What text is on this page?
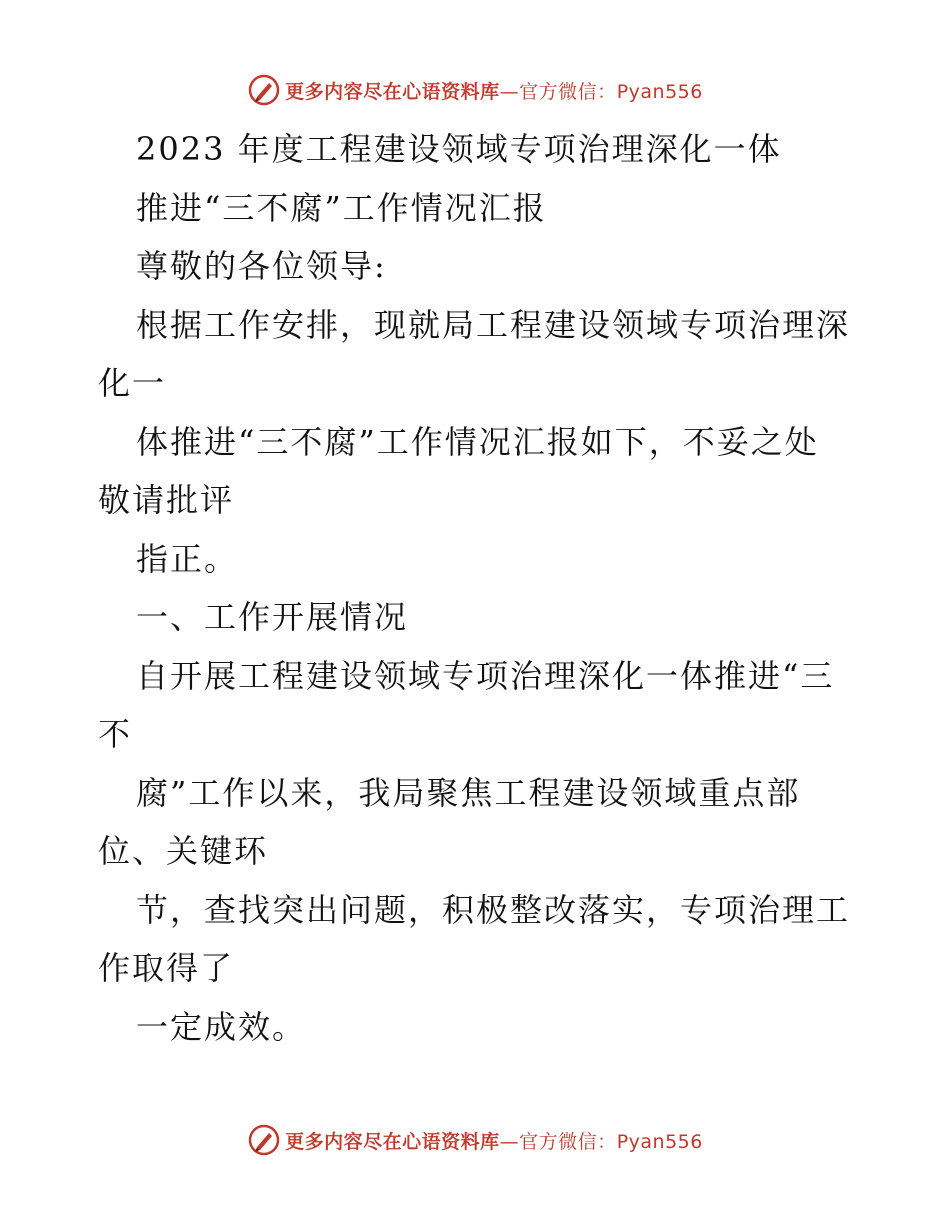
更多内容尽在心语资料库—官方微信：Pyan556
2023 年度工程建设领域专项治理深化一体
推进“三不腐”工作情况汇报
尊敬的各位领导:
根据工作安排，现就局工程建设领域专项治理深
化一
体推进“三不腐”工作情况汇报如下，不妥之处
敬请批评
指正。
一、工作开展情况
自开展工程建设领域专项治理深化一体推进“三
不
腐”工作以来，我局聚焦工程建设领域重点部
位、关键环
节，查找突出问题，积极整改落实，专项治理工
作取得了
一定成效。
更多内容尽在心语资料库—官方微信：Pyan556
